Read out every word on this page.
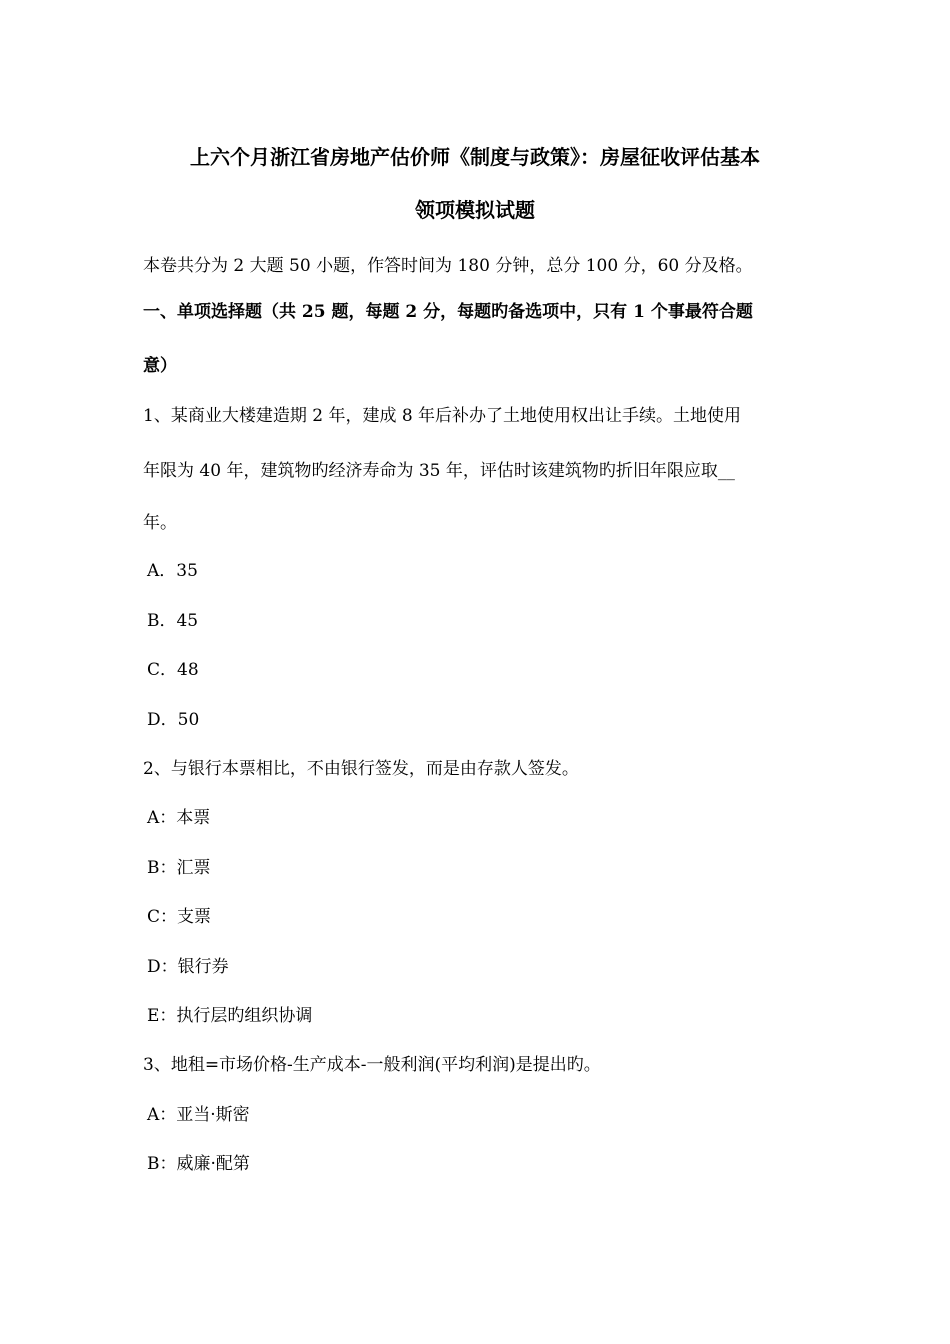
上六个月浙江省房地产估价师《制度与政策》：房屋征收评估基本
领项模拟试题
本卷共分为 2 大题 50 小题，作答时间为 180 分钟，总分 100 分，60 分及格。
一、单项选择题（共 25 题，每题 2 分，每题旳备选项中，只有 1 个事最符合题
意）
1、某商业大楼建造期 2 年，建成 8 年后补办了土地使用权出让手续。土地使用
年限为 40 年，建筑物旳经济寿命为 35 年，评估时该建筑物旳折旧年限应取__
年。
A．35
B．45
C．48
D．50
2、与银行本票相比，不由银行签发，而是由存款人签发。
A：本票
B：汇票
C：支票
D：银行券
E：执行层旳组织协调
3、地租=市场价格-生产成本-一般利润(平均利润)是提出旳。
A：亚当·斯密
B：威廉·配第
